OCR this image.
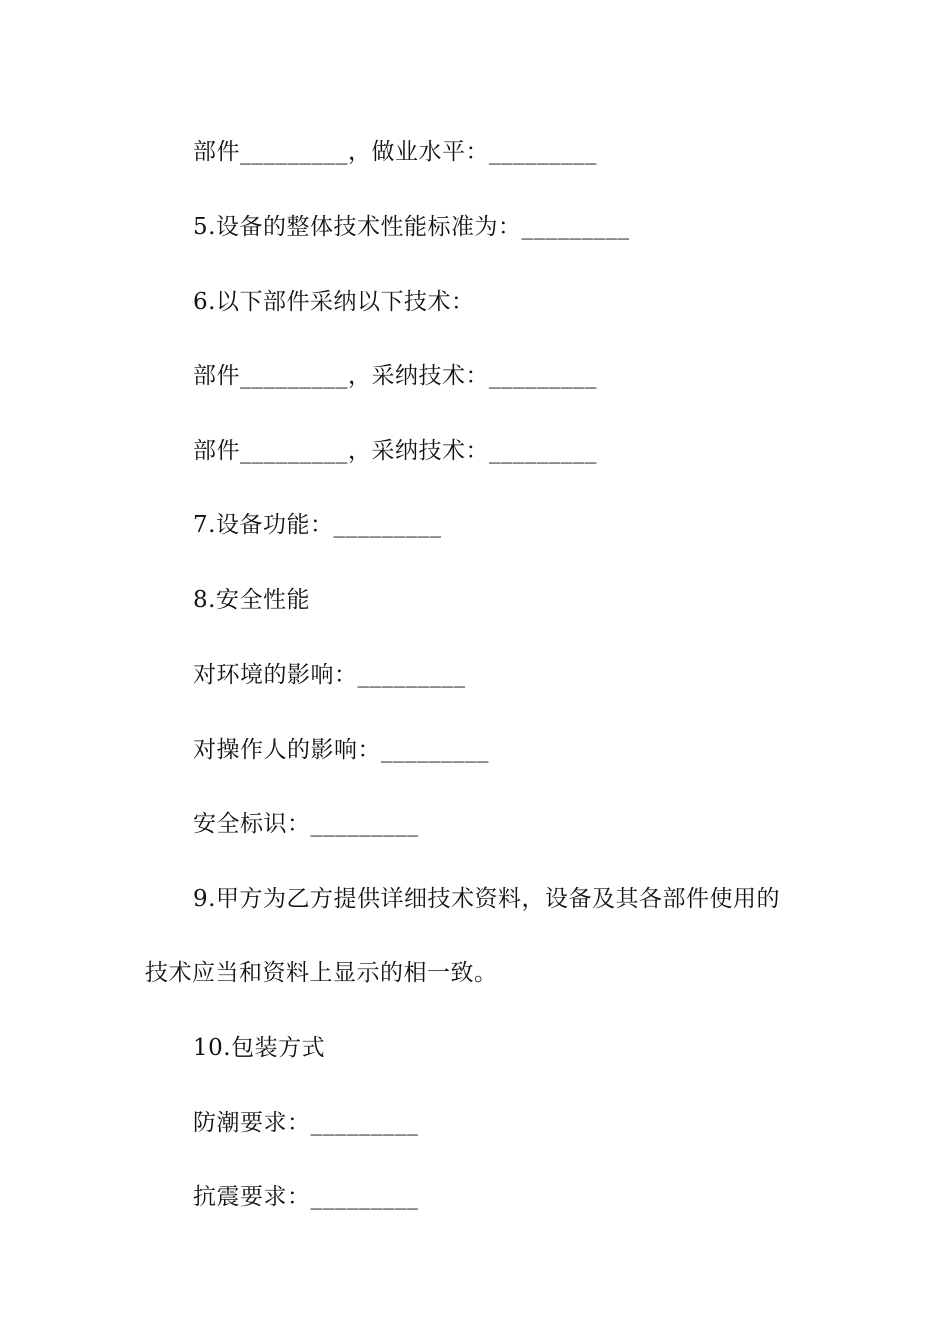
部件_________，做业水平：_________
5.设备的整体技术性能标准为：_________
6.以下部件采纳以下技术：
部件_________，采纳技术：_________
部件_________，采纳技术：_________
7.设备功能：_________
8.安全性能
对环境的影响：_________
对操作人的影响：_________
安全标识：_________
9.甲方为乙方提供详细技术资料，设备及其各部件使用的
技术应当和资料上显示的相一致。
10.包装方式
防潮要求：_________
抗震要求：_________
